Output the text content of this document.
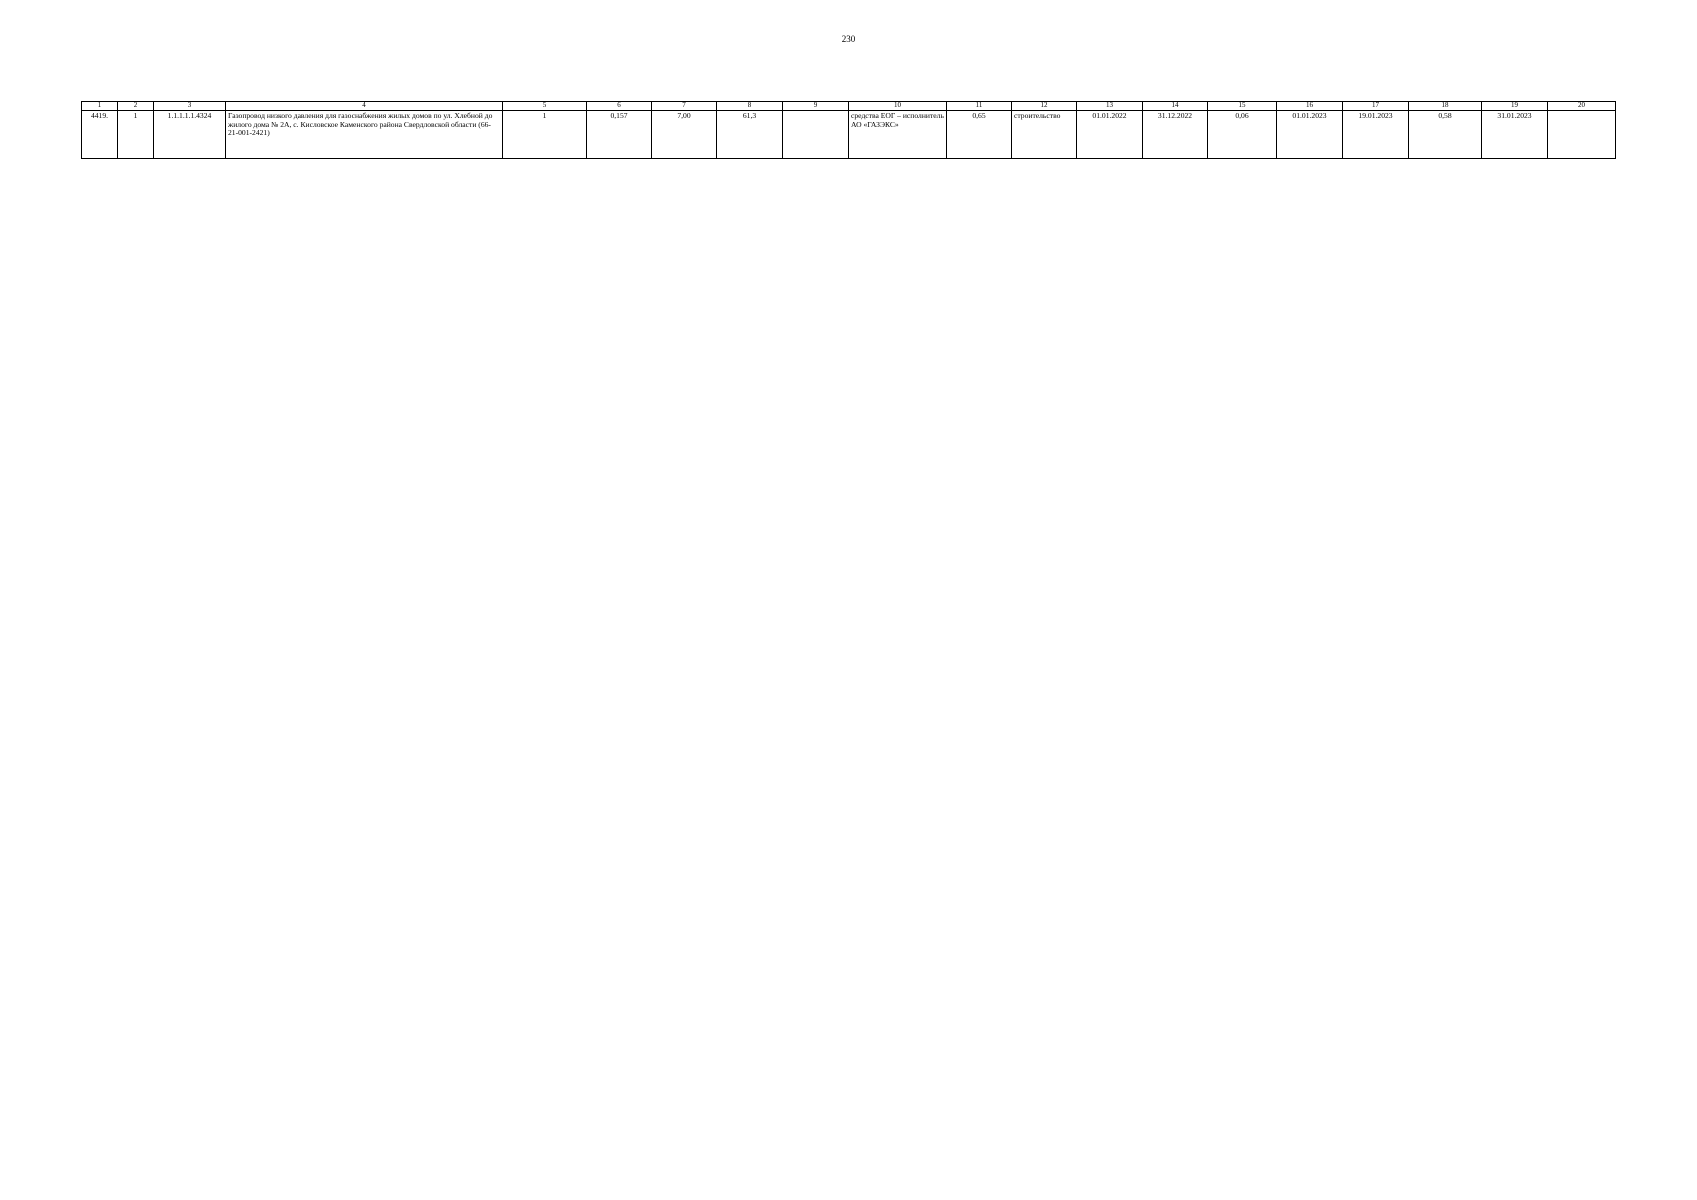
230
1	2	3	4	5	6	7	8	9	10	11	12	13	14	15	16	17	18	19	20
4419.	1	1.1.1.1.1.4324	Газопровод низкого давления для газоснабжения жилых домов по ул. Хлебной до жилого дома № 2А, с. Кисловское Каменского района Свердловской области (66-21-001-2421)	1	0,157	7,00	61,3		средства ЕОГ – исполнитель АО «ГАЗЭКС»	0,65	строительство	01.01.2022	31.12.2022	0,06	01.01.2023	19.01.2023	0,58	31.01.2023	
